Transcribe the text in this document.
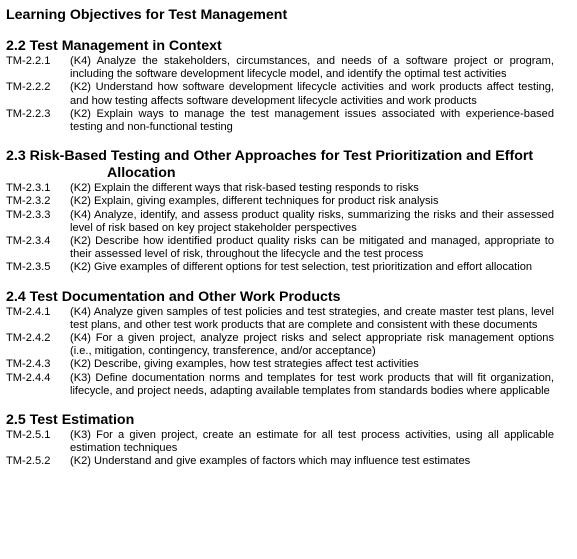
Learning Objectives for Test Management
2.2 Test Management in Context
TM-2.2.1	(K4) Analyze the stakeholders, circumstances, and needs of a software project or program, including the software development lifecycle model, and identify the optimal test activities
TM-2.2.2	(K2) Understand how software development lifecycle activities and work products affect testing, and how testing affects software development lifecycle activities and work products
TM-2.2.3	(K2) Explain ways to manage the test management issues associated with experience-based testing and non-functional testing
2.3 Risk-Based Testing and Other Approaches for Test Prioritization and Effort Allocation
TM-2.3.1	(K2) Explain the different ways that risk-based testing responds to risks
TM-2.3.2	(K2) Explain, giving examples, different techniques for product risk analysis
TM-2.3.3	(K4) Analyze, identify, and assess product quality risks, summarizing the risks and their assessed level of risk based on key project stakeholder perspectives
TM-2.3.4	(K2) Describe how identified product quality risks can be mitigated and managed, appropriate to their assessed level of risk, throughout the lifecycle and the test process
TM-2.3.5	(K2) Give examples of different options for test selection, test prioritization and effort allocation
2.4 Test Documentation and Other Work Products
TM-2.4.1	(K4) Analyze given samples of test policies and test strategies, and create master test plans, level test plans, and other test work products that are complete and consistent with these documents
TM-2.4.2	(K4) For a given project, analyze project risks and select appropriate risk management options (i.e., mitigation, contingency, transference, and/or acceptance)
TM-2.4.3	(K2) Describe, giving examples, how test strategies affect test activities
TM-2.4.4	(K3) Define documentation norms and templates for test work products that will fit organization, lifecycle, and project needs, adapting available templates from standards bodies where applicable
2.5 Test Estimation
TM-2.5.1	(K3) For a given project, create an estimate for all test process activities, using all applicable estimation techniques
TM-2.5.2	(K2) Understand and give examples of factors which may influence test estimates
